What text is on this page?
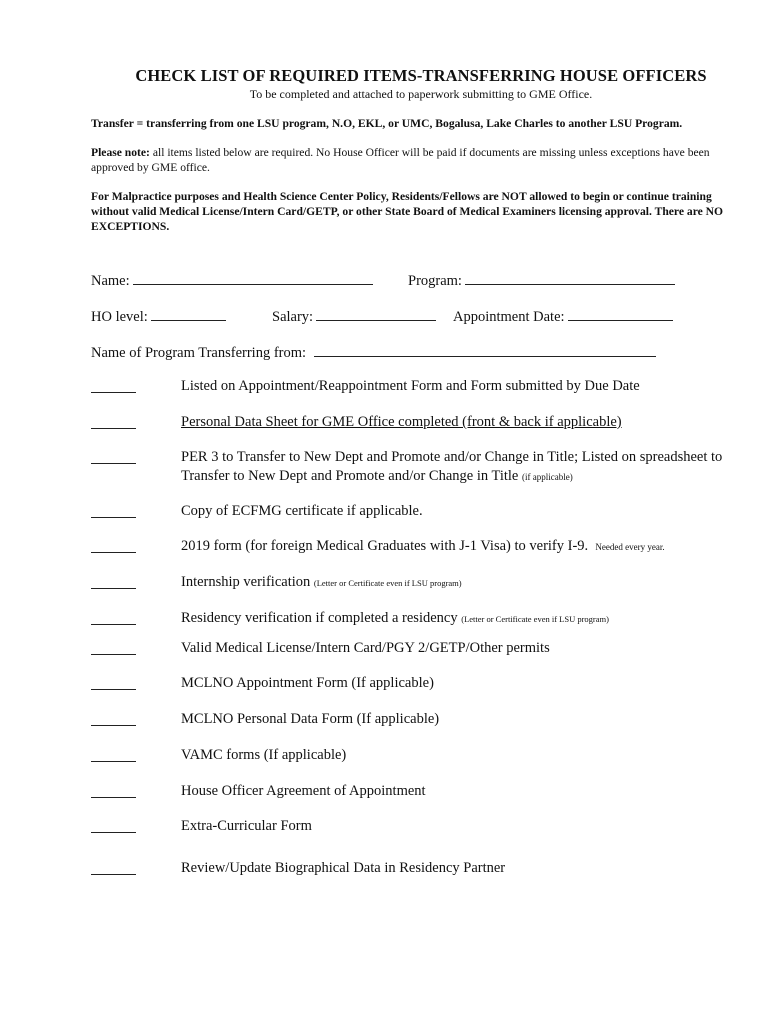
CHECK LIST OF REQUIRED ITEMS-TRANSFERRING HOUSE OFFICERS
To be completed and attached to paperwork submitting to GME Office.
Transfer = transferring from one LSU program, N.O, EKL, or UMC, Bogalusa, Lake Charles to another LSU Program.
Please note: all items listed below are required. No House Officer will be paid if documents are missing unless exceptions have been approved by GME office.
For Malpractice purposes and Health Science Center Policy, Residents/Fellows are NOT allowed to begin or continue training without valid Medical License/Intern Card/GETP, or other State Board of Medical Examiners licensing approval. There are NO EXCEPTIONS.
Name:	Program:
HO level:	Salary:	Appointment Date:
Name of Program Transferring from:
Listed on Appointment/Reappointment Form and Form submitted by Due Date
Personal Data Sheet for GME Office completed (front & back if applicable)
PER 3 to Transfer to New Dept and Promote and/or Change in Title; Listed on spreadsheet to Transfer to New Dept and Promote and/or Change in Title (if applicable)
Copy of ECFMG certificate if applicable.
2019 form (for foreign Medical Graduates with J-1 Visa) to verify I-9. Needed every year.
Internship verification (Letter or Certificate even if LSU program)
Residency verification if completed a residency (Letter or Certificate even if LSU program)
Valid Medical License/Intern Card/PGY 2/GETP/Other permits
MCLNO Appointment Form (If applicable)
MCLNO Personal Data Form (If applicable)
VAMC forms (If applicable)
House Officer Agreement of Appointment
Extra-Curricular Form
Review/Update Biographical Data in Residency Partner
